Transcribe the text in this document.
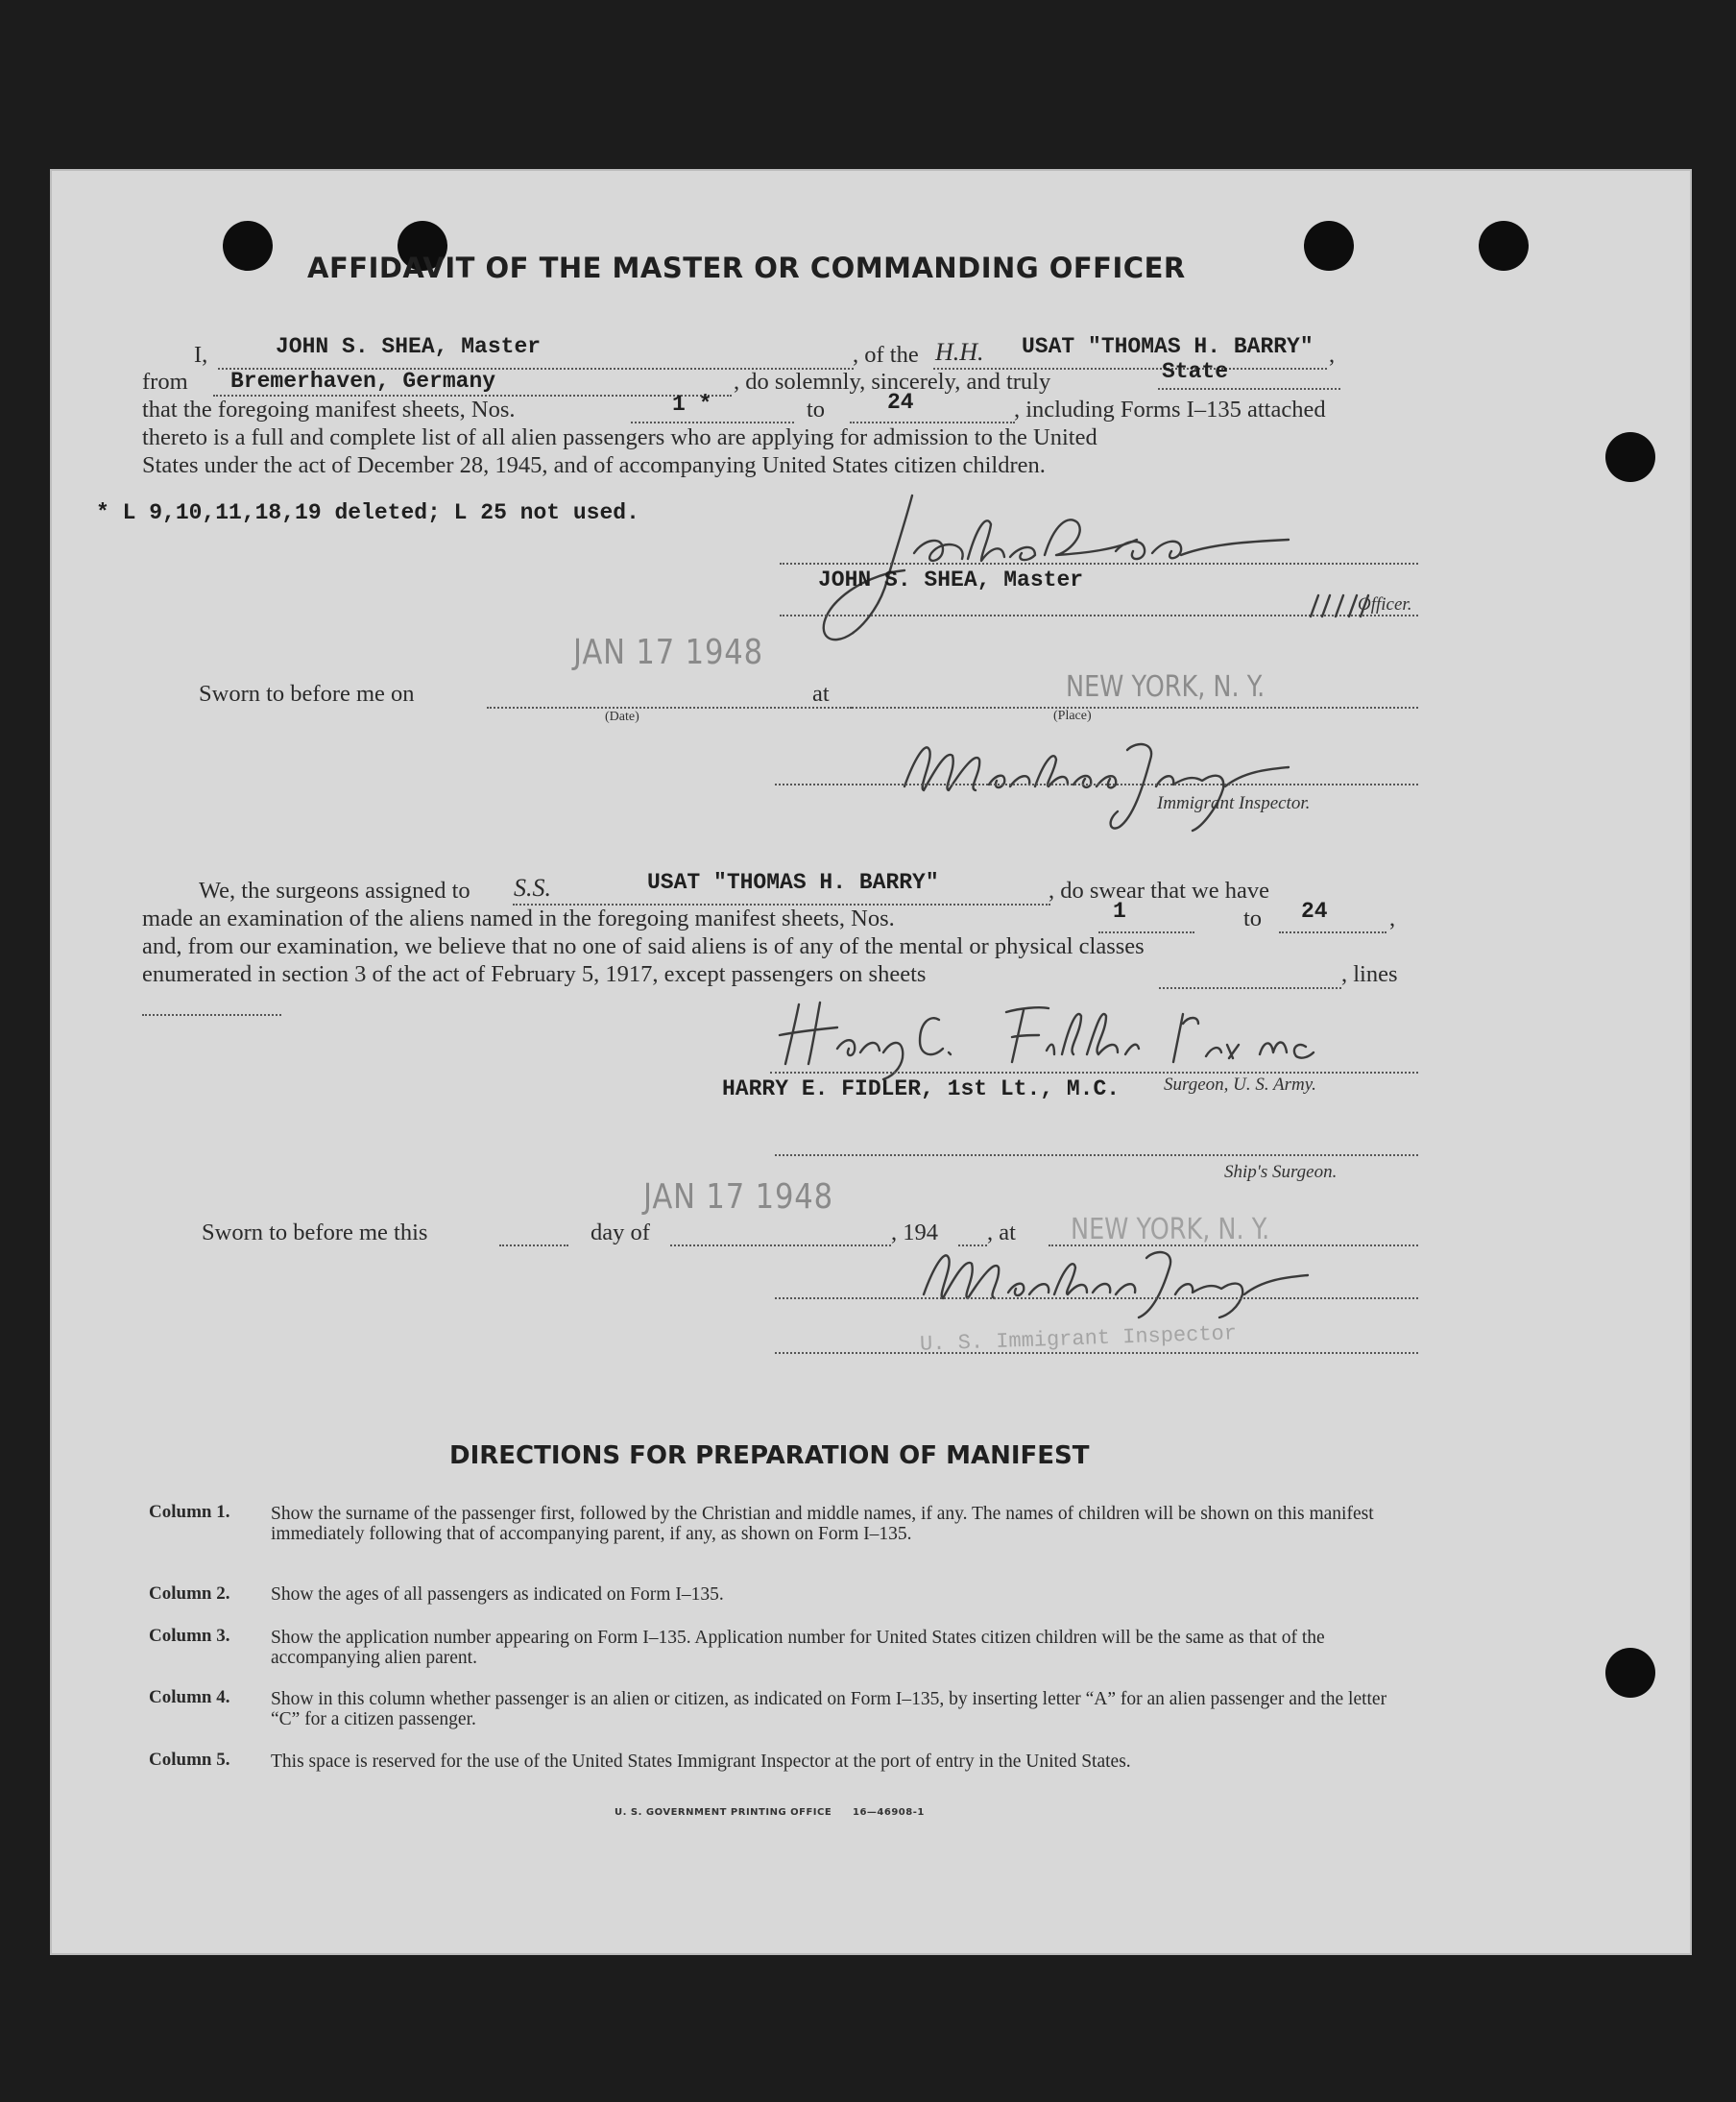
AFFIDAVIT OF THE MASTER OR COMMANDING OFFICER
I,	JOHN S. SHEA, Master	, of the H.H. USAT "THOMAS H. BARRY" ,
from Bremerhaven, Germany	, do solemnly, sincerely, and truly	State
that the foregoing manifest sheets, Nos.	1 *	to	24	, including Forms I–135 attached
thereto is a full and complete list of all alien passengers who are applying for admission to the United
States under the act of December 28, 1945, and of accompanying United States citizen children.
* L 9,10,11,18,19 deleted; L 25 not used.
JOHN S. SHEA, Master
Officer.
Sworn to before me on
JAN 17 1948
(Date)
at	NEW YORK, N. Y.
(Place)
Immigrant Inspector.
We, the surgeons assigned to S.S.	USAT "THOMAS H. BARRY"	, do swear that we have
made an examination of the aliens named in the foregoing manifest sheets, Nos.	1	to 24	,
and, from our examination, we believe that no one of said aliens is of any of the mental or physical classes
enumerated in section 3 of the act of February 5, 1917, except passengers on sheets	, lines
HARRY E. FIDLER, 1st Lt., M.C. Surgeon, U. S. Army.
Ship's Surgeon.
Sworn to before me this	day of
JAN 17 1948
, 194 , at NEW YORK, N. Y.
U. S. Immigrant Inspector
DIRECTIONS FOR PREPARATION OF MANIFEST
Column 1. Show the surname of the passenger first, followed by the Christian and middle names, if any. The names of children will be shown on this manifest immediately following that of accompanying parent, if any, as shown on Form I–135.
Column 2. Show the ages of all passengers as indicated on Form I–135.
Column 3. Show the application number appearing on Form I–135. Application number for United States citizen children will be the same as that of the accompanying alien parent.
Column 4. Show in this column whether passenger is an alien or citizen, as indicated on Form I–135, by inserting letter “A” for an alien passenger and the letter “C” for a citizen passenger.
Column 5. This space is reserved for the use of the United States Immigrant Inspector at the port of entry in the United States.
U. S. GOVERNMENT PRINTING OFFICE 16—46908-1
